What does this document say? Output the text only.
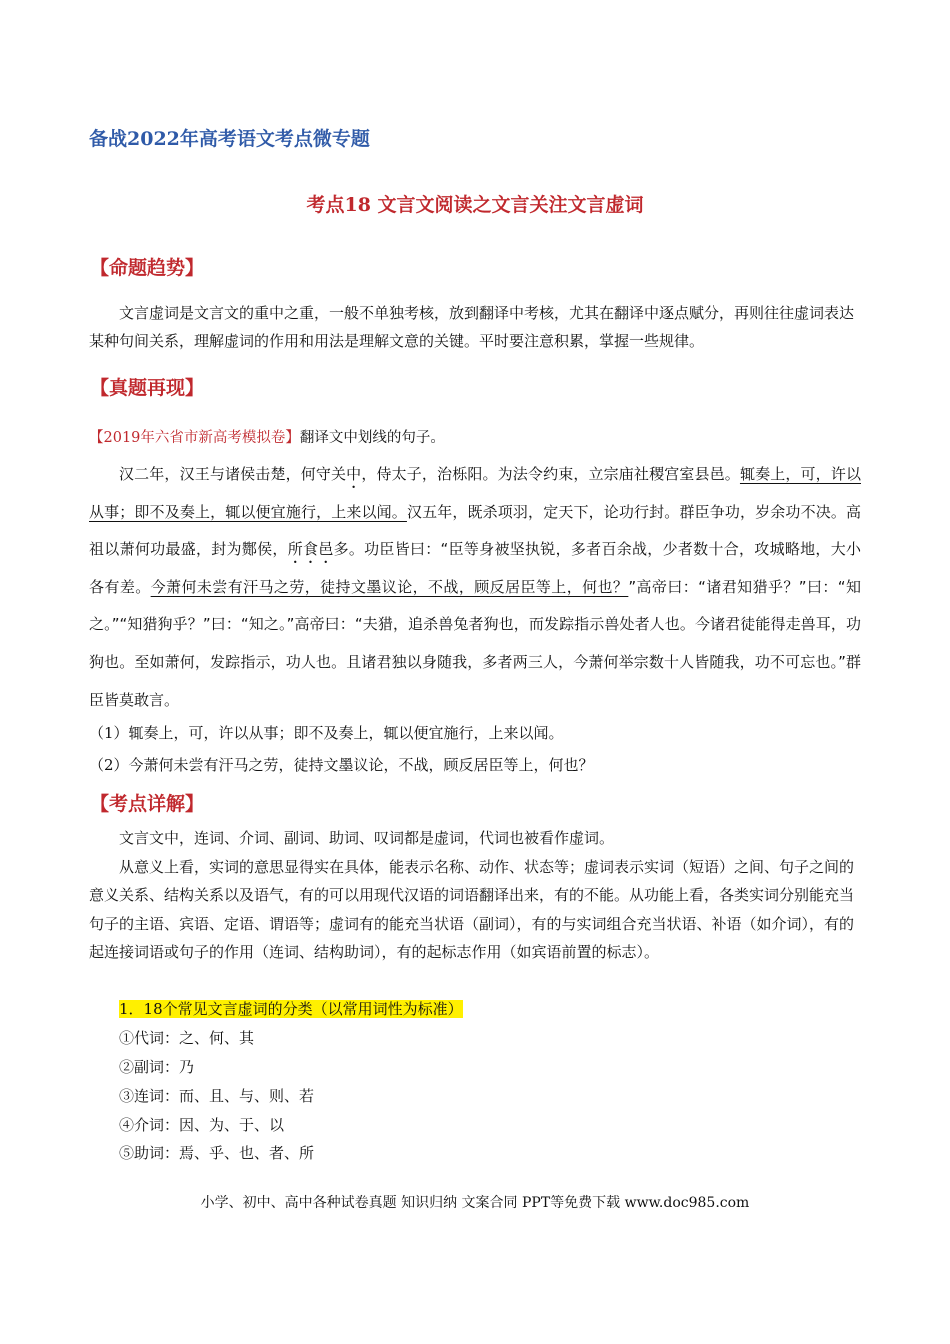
备战2022年高考语文考点微专题
考点18 文言文阅读之文言关注文言虚词
【命题趋势】

文言虚词是文言文的重中之重，一般不单独考核，放到翻译中考核，尤其在翻译中逐点赋分，再则往往虚词表达某种句间关系，理解虚词的作用和用法是理解文意的关键。平时要注意积累，掌握一些规律。

【真题再现】
【2019年六省市新高考模拟卷】翻译文中划线的句子。

汉二年，汉王与诸侯击楚，何守关中，侍太子，治栎阳。为法令约束，立宗庙社稷宫室县邑。辄奏上，可，许以从事；即不及奏上，辄以便宜施行，上来以闻。汉五年，既杀项羽，定天下，论功行封。群臣争功，岁余功不决。高祖以萧何功最盛，封为酂侯，所食邑多。功臣皆曰：“臣等身被坚执锐，多者百余战，少者数十合，攻城略地，大小各有差。今萧何未尝有汗马之劳，徒持文墨议论，不战，顾反居臣等上，何也？”高帝曰：“诸君知猎乎？”曰：“知之。”“知猎狗乎？”曰：“知之。”高帝曰：“夫猎，追杀兽兔者狗也，而发踪指示兽处者人也。今诸君徒能得走兽耳，功狗也。至如萧何，发踪指示，功人也。且诸君独以身随我，多者两三人，今萧何举宗数十人皆随我，功不可忘也。”群臣皆莫敢言。

（1）辄奏上，可，许以从事；即不及奏上，辄以便宜施行，上来以闻。
（2）今萧何未尝有汗马之劳，徒持文墨议论，不战，顾反居臣等上，何也？
【考点详解】

文言文中，连词、介词、副词、助词、叹词都是虚词，代词也被看作虚词。

从意义上看，实词的意思显得实在具体，能表示名称、动作、状态等；虚词表示实词（短语）之间、句子之间的意义关系、结构关系以及语气，有的可以用现代汉语的词语翻译出来，有的不能。从功能上看，各类实词分别能充当句子的主语、宾语、定语、谓语等；虚词有的能充当状语（副词），有的与实词组合充当状语、补语（如介词），有的起连接词语或句子的作用（连词、结构助词），有的起标志作用（如宾语前置的标志）。

1．18个常见文言虚词的分类（以常用词性为标准）
①代词：之、何、其
②副词：乃
③连词：而、且、与、则、若
④介词：因、为、于、以
⑤助词：焉、乎、也、者、所
小学、初中、高中各种试卷真题 知识归纳 文案合同 PPT等免费下载 www.doc985.com
